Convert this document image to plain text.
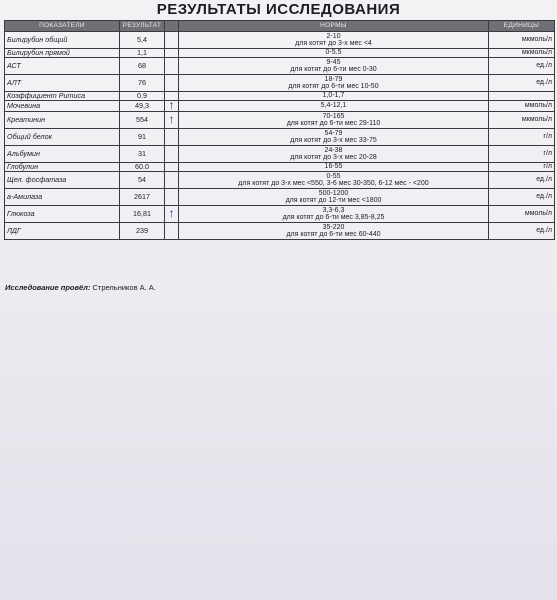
РЕЗУЛЬТАТЫ ИССЛЕДОВАНИЯ
ПОКАЗАТЕЛИ	РЕЗУЛЬТАТ		НОРМЫ	ЕДИНИЦЫ
Билирубин общий	5,4		2-10
для котят до 3-х мес <4	мкмоль/л
Билирубин прямой	1,1		0-5.5	мкмоль/л
АСТ	68		9-45
для котят до 6-ти мес 0-30	ед./л
АЛТ	76		18-79
для котят до 6-ти мес 10-50	ед./л
Коэффициент Ритиса	0.9		1,0-1,7	

Мочевина	49,3	↑	5,4-12,1	ммоль/л
Креатинин	554	↑	70-165
для котят до 6-ти мес 29-110	мкмоль/л
Общий белок	91		54-79
для котят до 3-х мес 33-75	г/л
Альбумин	31		24-38
для котят до 3-х мес 20-28	г/л
Глобулин	60.0		16-55	г/л
Щел. фосфатаза	54		0-55
для котят до 3-х мес <550, 3-6 мес 30-350, 6-12 мес - <200	ед./л
a-Амилаза	2617		500-1200
для котят до 12-ти мес <1800	ед./л
Глюкоза	16,81	↑	3,3-6,3
для котят до 6-ти мес 3,85-8,25	ммоль/л
ЛДГ	239		35-220
для котят до 6-ти мес 60-440	ед./л
Исследование провёл: Стрельников А. А.
